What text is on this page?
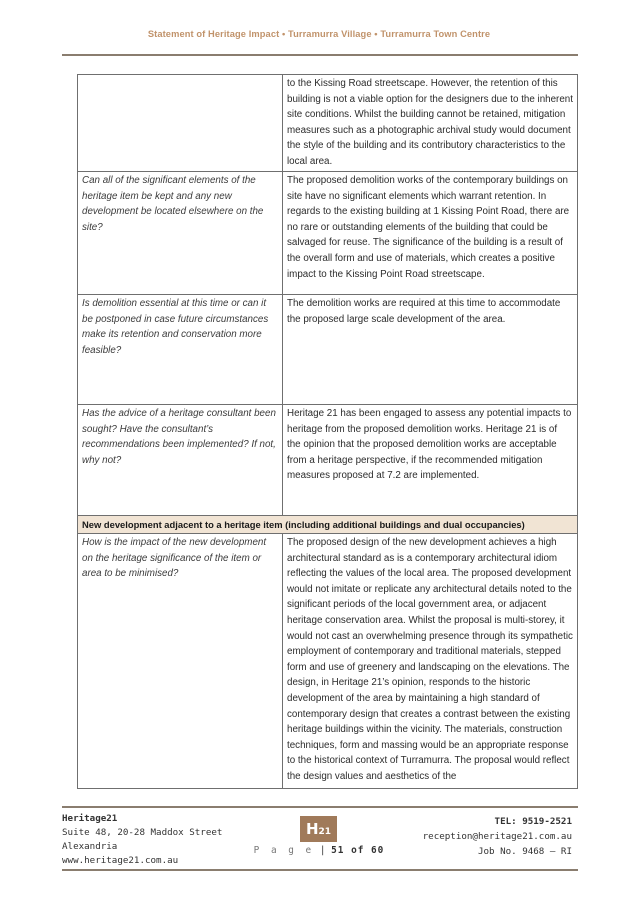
Statement of Heritage Impact • Turramurra Village • Turramurra Town Centre
	to the Kissing Road streetscape. However, the retention of this building is not a viable option for the designers due to the inherent site conditions. Whilst the building cannot be retained, mitigation measures such as a photographic archival study would document the style of the building and its contributory characteristics to the local area.
Can all of the significant elements of the heritage item be kept and any new development be located elsewhere on the site?	The proposed demolition works of the contemporary buildings on site have no significant elements which warrant retention. In regards to the existing building at 1 Kissing Point Road, there are no rare or outstanding elements of the building that could be salvaged for reuse. The significance of the building is a result of the overall form and use of materials, which creates a positive impact to the Kissing Point Road streetscape.
Is demolition essential at this time or can it be postponed in case future circumstances make its retention and conservation more feasible?	The demolition works are required at this time to accommodate the proposed large scale development of the area.
Has the advice of a heritage consultant been sought? Have the consultant’s recommendations been implemented? If not, why not?	Heritage 21 has been engaged to assess any potential impacts to heritage from the proposed demolition works. Heritage 21 is of the opinion that the proposed demolition works are acceptable from a heritage perspective, if the recommended mitigation measures proposed at 7.2 are implemented.
New development adjacent to a heritage item (including additional buildings and dual occupancies)	
How is the impact of the new development on the heritage significance of the item or area to be minimised?	The proposed design of the new development achieves a high architectural standard as is a contemporary architectural idiom reflecting the values of the local area. The proposed development would not imitate or replicate any architectural details noted to the significant periods of the local government area, or adjacent heritage conservation area. Whilst the proposal is multi-storey, it would not cast an overwhelming presence through its sympathetic employment of contemporary and traditional materials, stepped form and use of greenery and landscaping on the elevations. The design, in Heritage 21’s opinion, responds to the historic development of the area by maintaining a high standard of contemporary design that creates a contrast between the existing heritage buildings within the vicinity. The materials, construction techniques, form and massing would be an appropriate response to the historical context of Turramurra. The proposal would reflect the design values and aesthetics of the
Heritage21
Suite 48, 20-28 Maddox Street
Alexandria
www.heritage21.com.au
H21
P a g e | 51 of 60
TEL: 9519-2521
reception@heritage21.com.au
Job No. 9468 – RI
